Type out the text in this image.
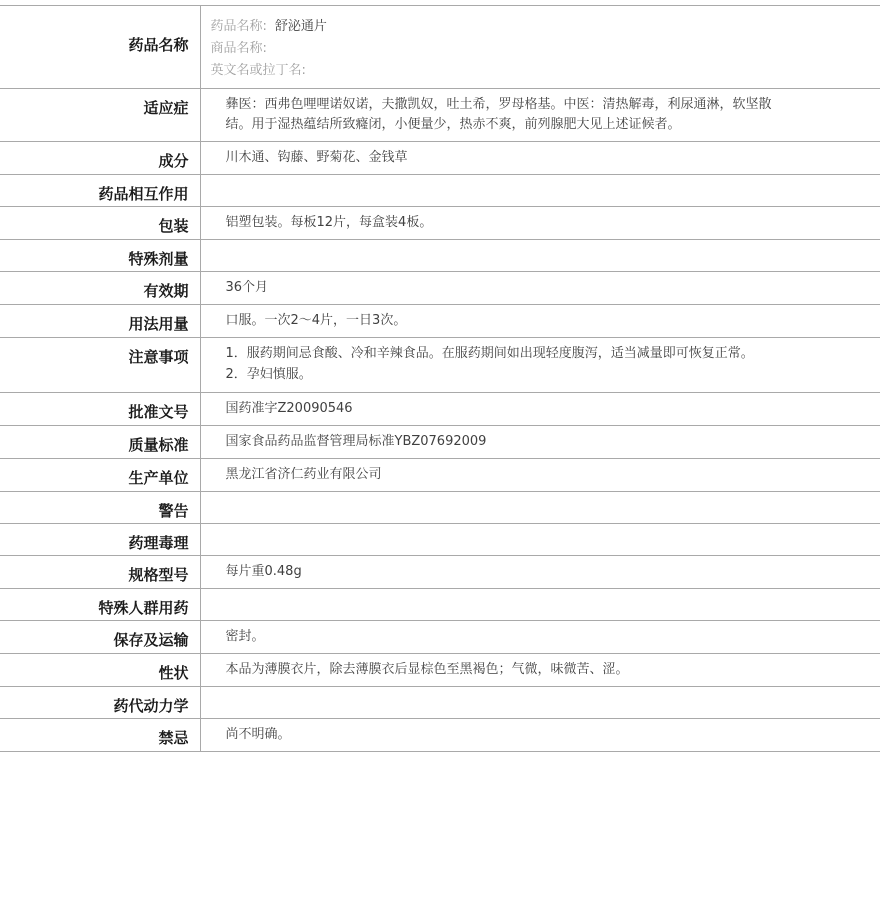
药品名称	药品名称: 舒泌通片
商品名称:
英文名或拉丁名:

适应症	彝医：西弗色哩哩诺奴诺，夫撒凯奴，吐土希，罗母格基。中医：清热解毒，利尿通淋，软坚散结。用于湿热蕴结所致癃闭，小便量少，热赤不爽，前列腺肥大见上述证候者。
成分	川木通、钩藤、野菊花、金钱草
药品相互作用	
包装	铝塑包装。每板12片，每盒装4板。
特殊剂量	
有效期	36个月
用法用量	口服。一次2～4片，一日3次。
注意事项	1．服药期间忌食酸、冷和辛辣食品。在服药期间如出现轻度腹泻，适当减量即可恢复正常。
2．孕妇慎服。

批准文号	国药准字Z20090546
质量标准	国家食品药品监督管理局标准YBZ07692009
生产单位	黑龙江省济仁药业有限公司
警告	
药理毒理	
规格型号	每片重0.48g
特殊人群用药	
保存及运输	密封。
性状	本品为薄膜衣片，除去薄膜衣后显棕色至黑褐色；气微，味微苦、涩。
药代动力学	
禁忌	尚不明确。
